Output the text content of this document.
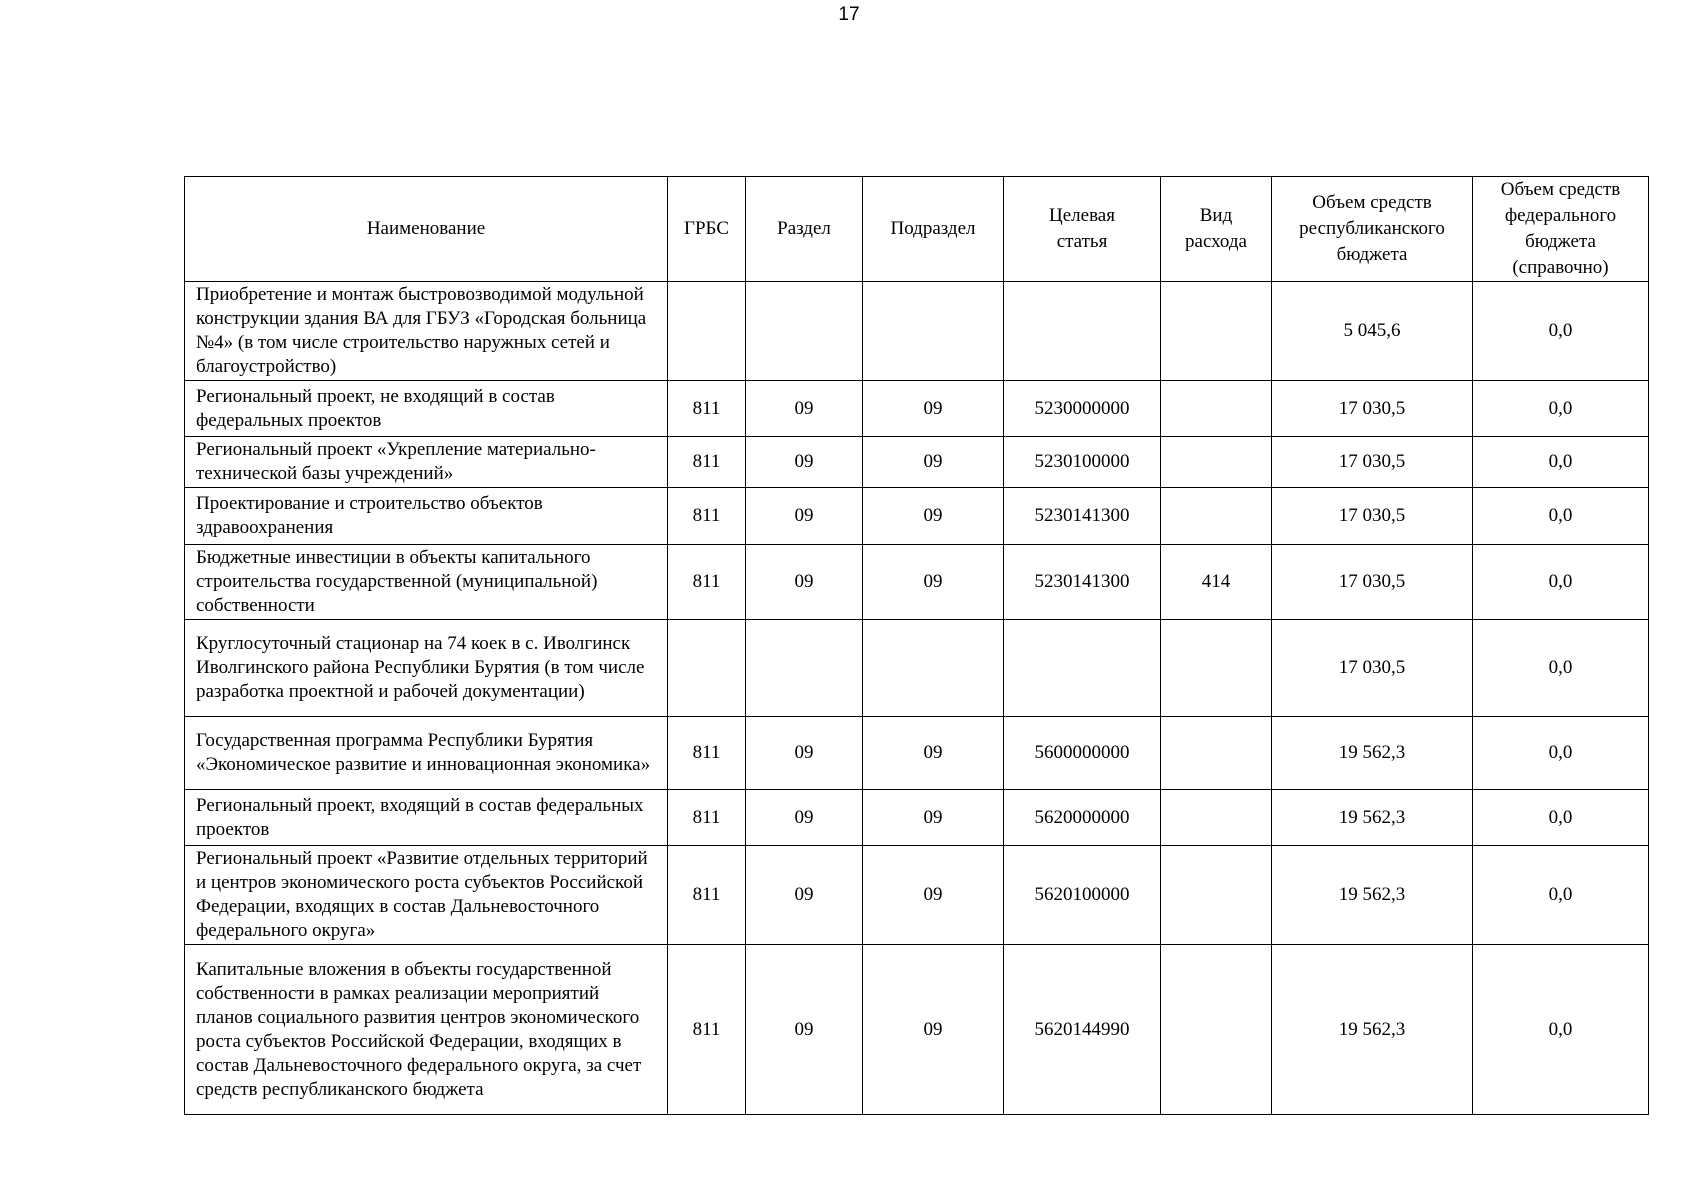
17
Наименование	ГРБС	Раздел	Подраздел	Целевая статья	Вид расхода	Объем средств республиканского бюджета	Объем средств федерального бюджета (справочно)
Приобретение и монтаж быстровозводимой модульной конструкции здания ВА для ГБУЗ «Городская больница №4» (в том числе строительство наружных сетей и благоустройство)						5 045,6	0,0
Региональный проект, не входящий в состав федеральных проектов	811	09	09	5230000000		17 030,5	0,0
Региональный проект «Укрепление материально-технической базы учреждений»	811	09	09	5230100000		17 030,5	0,0
Проектирование и строительство объектов здравоохранения	811	09	09	5230141300		17 030,5	0,0
Бюджетные инвестиции в объекты капитального строительства государственной (муниципальной) собственности	811	09	09	5230141300	414	17 030,5	0,0
Круглосуточный стационар на 74 коек в с. Иволгинск Иволгинского района Республики Бурятия (в том числе разработка проектной и рабочей документации)						17 030,5	0,0
Государственная программа Республики Бурятия «Экономическое развитие и инновационная экономика»	811	09	09	5600000000		19 562,3	0,0
Региональный проект, входящий в состав федеральных проектов	811	09	09	5620000000		19 562,3	0,0
Региональный проект «Развитие отдельных территорий и центров экономического роста субъектов Российской Федерации, входящих в состав Дальневосточного федерального округа»	811	09	09	5620100000		19 562,3	0,0
Капитальные вложения в объекты государственной собственности в рамках реализации мероприятий планов социального развития центров экономического роста субъектов Российской Федерации, входящих в состав Дальневосточного федерального округа, за счет средств республиканского бюджета	811	09	09	5620144990		19 562,3	0,0
